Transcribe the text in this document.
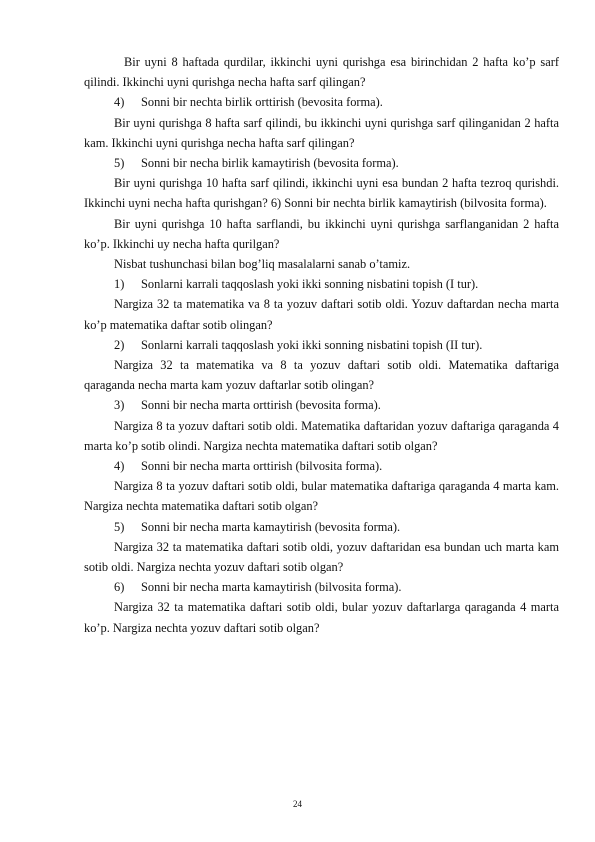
Bir uyni 8 haftada qurdilar, ikkinchi uyni qurishga esa birinchidan 2 hafta ko’p sarf qilindi. Ikkinchi uyni qurishga necha hafta sarf qilingan?

4)	Sonni bir nechta birlik orttirish (bevosita forma).

Bir uyni qurishga 8 hafta sarf qilindi, bu ikkinchi uyni qurishga sarf qilinganidan 2 hafta kam. Ikkinchi uyni qurishga necha hafta sarf qilingan?

5)	Sonni bir necha birlik kamaytirish (bevosita forma).

Bir uyni qurishga 10 hafta sarf qilindi, ikkinchi uyni esa bundan 2 hafta tezroq qurishdi. Ikkinchi uyni necha hafta qurishgan? 6) Sonni bir nechta birlik kamaytirish (bilvosita forma).

Bir uyni qurishga 10 hafta sarflandi, bu ikkinchi uyni qurishga sarflanganidan 2 hafta ko’p. Ikkinchi uy necha hafta qurilgan?

Nisbat tushunchasi bilan bog’liq masalalarni sanab o’tamiz.

1)	Sonlarni karrali taqqoslash yoki ikki sonning nisbatini topish (I tur).

Nargiza 32 ta matematika va 8 ta yozuv daftari sotib oldi. Yozuv daftardan necha marta ko’p matematika daftar sotib olingan?

2)	Sonlarni karrali taqqoslash yoki ikki sonning nisbatini topish (II tur).

Nargiza 32 ta matematika va 8 ta yozuv daftari sotib oldi. Matematika daftariga qaraganda necha marta kam yozuv daftarlar sotib olingan?

3)	Sonni bir necha marta orttirish (bevosita forma).

Nargiza 8 ta yozuv daftari sotib oldi. Matematika daftaridan yozuv daftariga qaraganda 4 marta ko’p sotib olindi. Nargiza nechta matematika daftari sotib olgan?

4)	Sonni bir necha marta orttirish (bilvosita forma).

Nargiza 8 ta yozuv daftari sotib oldi, bular matematika daftariga qaraganda 4 marta kam. Nargiza nechta matematika daftari sotib olgan?

5)	Sonni bir necha marta kamaytirish (bevosita forma).

Nargiza 32 ta matematika daftari sotib oldi, yozuv daftaridan esa bundan uch marta kam sotib oldi. Nargiza nechta yozuv daftari sotib olgan?

6)	Sonni bir necha marta kamaytirish (bilvosita forma).

Nargiza 32 ta matematika daftari sotib oldi, bular yozuv daftarlarga qaraganda 4 marta ko’p. Nargiza nechta yozuv daftari sotib olgan?

24
